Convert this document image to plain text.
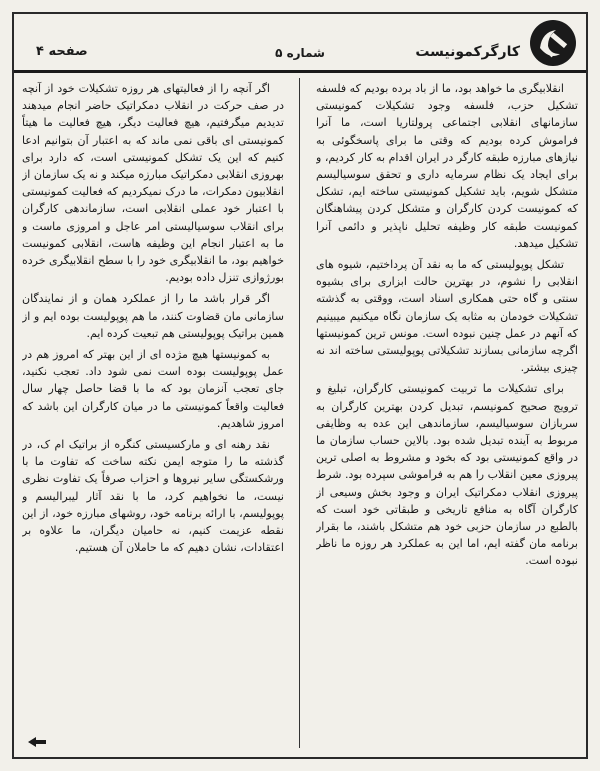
کارگرکمونیست
شماره ۵
صفحه ۴

انقلابیگری ما خواهد بود، ما از باد برده بودیم که فلسفه تشکیل حزب، فلسفه وجود تشکیلات کمونیستی سازمانهای انقلابی اجتماعی پرولتاریا است، ما آنرا فراموش کرده بودیم که وقتی ما برای پاسخگوئی به نیازهای مبارزه طبقه کارگر در ایران اقدام به کار کردیم، و برای ایجاد یک نظام سرمایه داری و تحقق سوسیالیسم متشکل شویم، باید تشکیل کمونیستی ساخته ایم، تشکل که کمونیست کردن کارگران و متشکل کردن پیشاهنگان کمونیست طبقه کار وظیفه تحلیل ناپذیر و دائمی آنرا تشکیل میدهد.

تشکل پوپولیستی که ما به نقد آن پرداختیم، شیوه های انقلابی را نشوم، در بهترین حالت ابزاری برای بشیوه سنتی و گاه حتی همکاری اسناد است، ووقتی به گذشته تشکیلات خودمان به مثابه یک سازمان نگاه میکنیم میبینیم که آنهم در عمل چنین نبوده است. مونس ترین کمونیستها اگرچه سازمانی بسازند تشکیلاتی پوپولیستی ساخته اند نه چیزی بیشتر.

برای تشکیلات ما تربیت کمونیستی کارگران، تبلیغ و ترویج صحیح کمونیسم، تبدیل کردن بهترین کارگران به سربازان سوسیالیسم، سازماندهی این عده به وظایفی مربوط به آینده تبدیل شده بود. بالاین حساب سازمان ما در واقع کمونیستی بود که بخود و مشروط به اصلی ترین پیروزی معین انقلاب را هم به فراموشی سپرده بود. شرط پیروزی انقلاب دمکراتیک ایران و وجود بخش وسیعی از کارگران آگاه به منافع تاریخی و طبقاتی خود است که بالطبع در سازمان حزبی خود هم متشکل باشند، ما بقرار برنامه مان گفته ایم، اما این به عملکرد هر روزه ما ناظر نبوده است.

اگر آنچه را از فعالیتهای هر روزه تشکیلات خود از آنچه در صف حرکت در انقلاب دمکراتیک حاضر انجام میدهند تدیدیم میگرفتیم، هیچ فعالیت دیگر، هیچ فعالیت ما هیتاً کمونیستی ای باقی نمی ماند که به اعتبار آن بتوانیم ادعا کنیم که این یک تشکل کمونیستی است، که دارد برای بهروزی انقلابی دمکراتیک مبارزه میکند و نه یک سازمان از انقلابیون دمکرات، ما درک نمیکردیم که فعالیت کمونیستی با اعتبار خود عملی انقلابی است، سازماندهی کارگران برای انقلاب سوسیالیستی امر عاجل و امروزی ماست و ما به اعتبار انجام این وظیفه هاست، انقلابی کمونیست خواهیم بود، ما انقلابیگری خود را با سطح انقلابیگری خرده بورژوازی تنزل داده بودیم.

اگر قرار باشد ما را از عملکرد همان و از نمایندگان سازمانی مان قضاوت کنند، ما هم پوپولیست بوده ایم و از همین براتیک پوپولیستی هم تبعیت کرده ایم.

به کمونیستها هیچ مژده ای از این بهتر که امروز هم در عمل پوپولیست بوده است نمی شود داد. تعجب نکنید، جای تعجب آنزمان بود که ما با قضا حاصل چهار سال فعالیت واقعاً کمونیستی ما در میان کارگران این باشد که امروز شاهدیم.

نقد رهنه ای و مارکسیستی کنگره از براتیک ام ک، در گذشته ما را متوجه ایمن نکته ساخت که تفاوت ما با ورشکستگی سایر نیروها و احزاب صرفاً یک تفاوت نظری نیست، ما نخواهیم کرد، ما با نقد آثار لیبرالیسم و پوپولیسم، با ارائه برنامه خود، روشهای مبارزه خود، از این نقطه عزیمت کنیم، نه حامیان دیگران، ما علاوه بر اعتقادات، نشان دهیم که ما حاملان آن هستیم.
